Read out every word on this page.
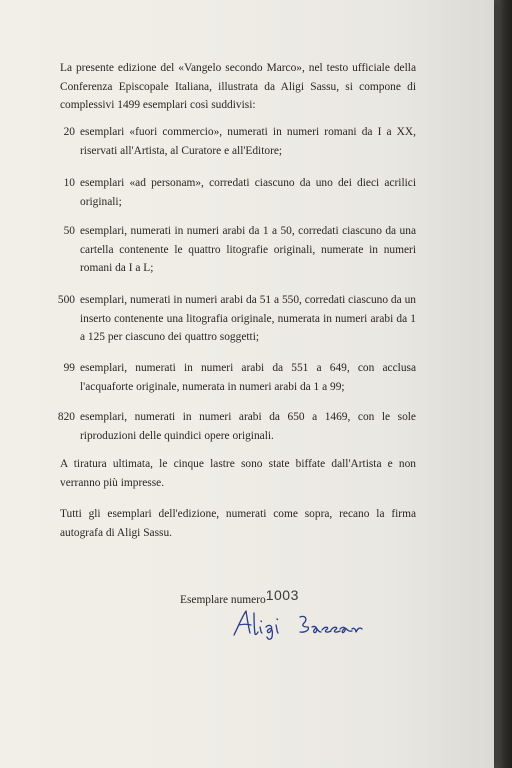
La presente edizione del «Vangelo secondo Marco», nel testo ufficiale della Conferenza Episcopale Italiana, illustrata da Aligi Sassu, si compone di complessivi 1499 esemplari così suddivisi:
20 esemplari «fuori commercio», numerati in numeri romani da I a XX, riservati all'Artista, al Curatore e all'Editore;
10 esemplari «ad personam», corredati ciascuno da uno dei dieci acrilici originali;
50 esemplari, numerati in numeri arabi da 1 a 50, corredati ciascuno da una cartella contenente le quattro litografie originali, numerate in numeri romani da I a L;
500 esemplari, numerati in numeri arabi da 51 a 550, corredati ciascuno da un inserto contenente una litografia originale, numerata in numeri arabi da 1 a 125 per ciascuno dei quattro soggetti;
99 esemplari, numerati in numeri arabi da 551 a 649, con acclusa l'acquaforte originale, numerata in numeri arabi da 1 a 99;
820 esemplari, numerati in numeri arabi da 650 a 1469, con le sole riproduzioni delle quindici opere originali.
A tiratura ultimata, le cinque lastre sono state biffate dall'Artista e non verranno più impresse.
Tutti gli esemplari dell'edizione, numerati come sopra, recano la firma autografa di Aligi Sassu.
Esemplare numero1003
